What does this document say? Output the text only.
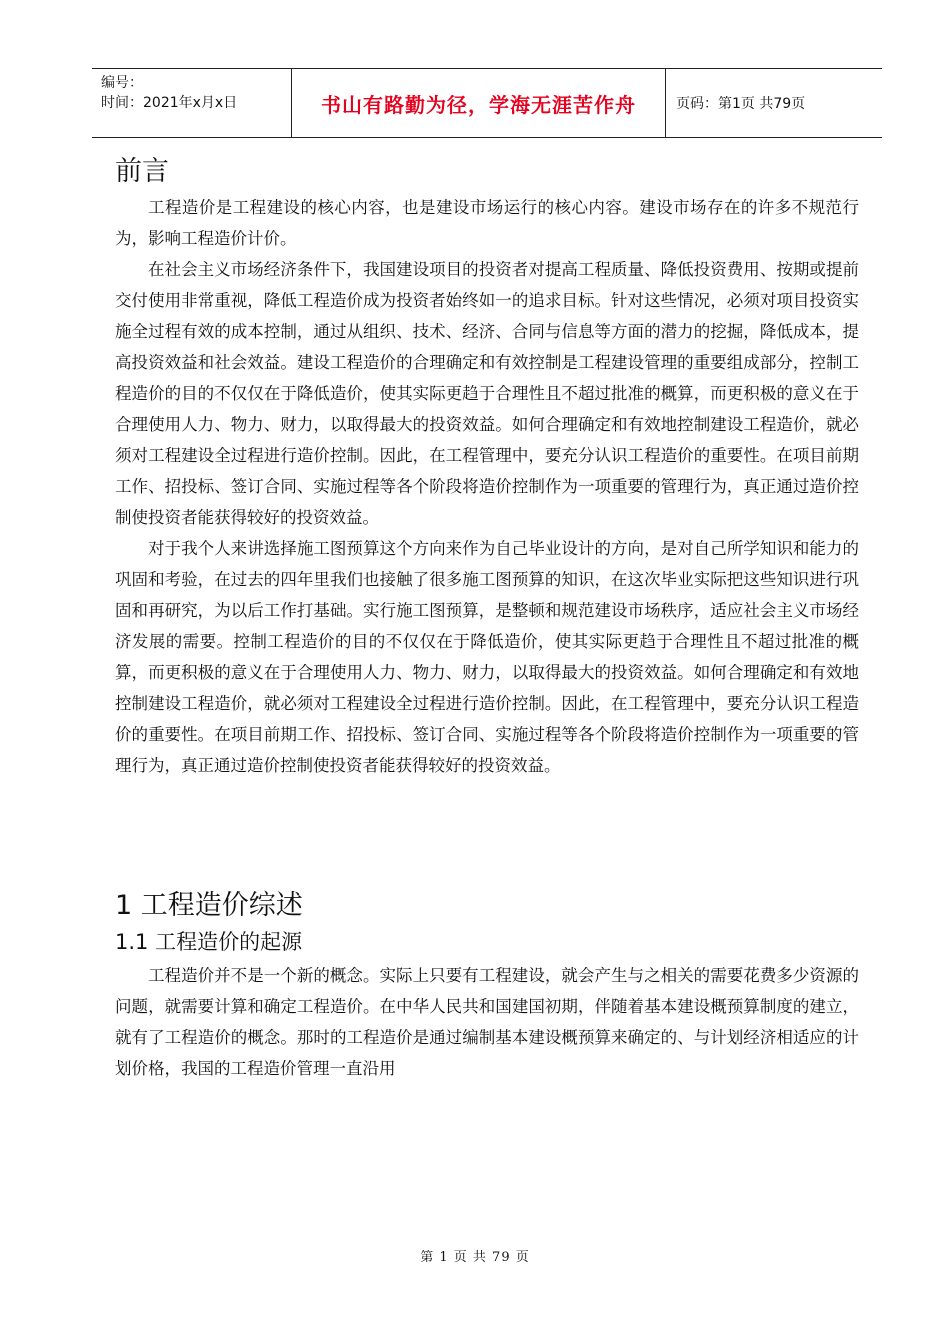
编号：
时间：2021年x月x日	书山有路勤为径，学海无涯苦作舟	页码：第1页 共79页
前言

工程造价是工程建设的核心内容，也是建设市场运行的核心内容。建设市场存在的许多不规范行为，影响工程造价计价。

在社会主义市场经济条件下，我国建设项目的投资者对提高工程质量、降低投资费用、按期或提前交付使用非常重视，降低工程造价成为投资者始终如一的追求目标。针对这些情况，必须对项目投资实施全过程有效的成本控制，通过从组织、技术、经济、合同与信息等方面的潜力的挖掘，降低成本，提高投资效益和社会效益。建设工程造价的合理确定和有效控制是工程建设管理的重要组成部分，控制工程造价的目的不仅仅在于降低造价，使其实际更趋于合理性且不超过批准的概算，而更积极的意义在于合理使用人力、物力、财力，以取得最大的投资效益。如何合理确定和有效地控制建设工程造价，就必须对工程建设全过程进行造价控制。因此，在工程管理中，要充分认识工程造价的重要性。在项目前期工作、招投标、签订合同、实施过程等各个阶段将造价控制作为一项重要的管理行为，真正通过造价控制使投资者能获得较好的投资效益。

对于我个人来讲选择施工图预算这个方向来作为自己毕业设计的方向，是对自己所学知识和能力的巩固和考验，在过去的四年里我们也接触了很多施工图预算的知识，在这次毕业实际把这些知识进行巩固和再研究，为以后工作打基础。实行施工图预算，是整顿和规范建设市场秩序，适应社会主义市场经济发展的需要。控制工程造价的目的不仅仅在于降低造价，使其实际更趋于合理性且不超过批准的概算，而更积极的意义在于合理使用人力、物力、财力，以取得最大的投资效益。如何合理确定和有效地控制建设工程造价，就必须对工程建设全过程进行造价控制。因此，在工程管理中，要充分认识工程造价的重要性。在项目前期工作、招投标、签订合同、实施过程等各个阶段将造价控制作为一项重要的管理行为，真正通过造价控制使投资者能获得较好的投资效益。

1 工程造价综述
1.1 工程造价的起源

工程造价并不是一个新的概念。实际上只要有工程建设，就会产生与之相关的需要花费多少资源的问题，就需要计算和确定工程造价。在中华人民共和国建国初期，伴随着基本建设概预算制度的建立，就有了工程造价的概念。那时的工程造价是通过编制基本建设概预算来确定的、与计划经济相适应的计划价格，我国的工程造价管理一直沿用

第 1 页 共 79 页
